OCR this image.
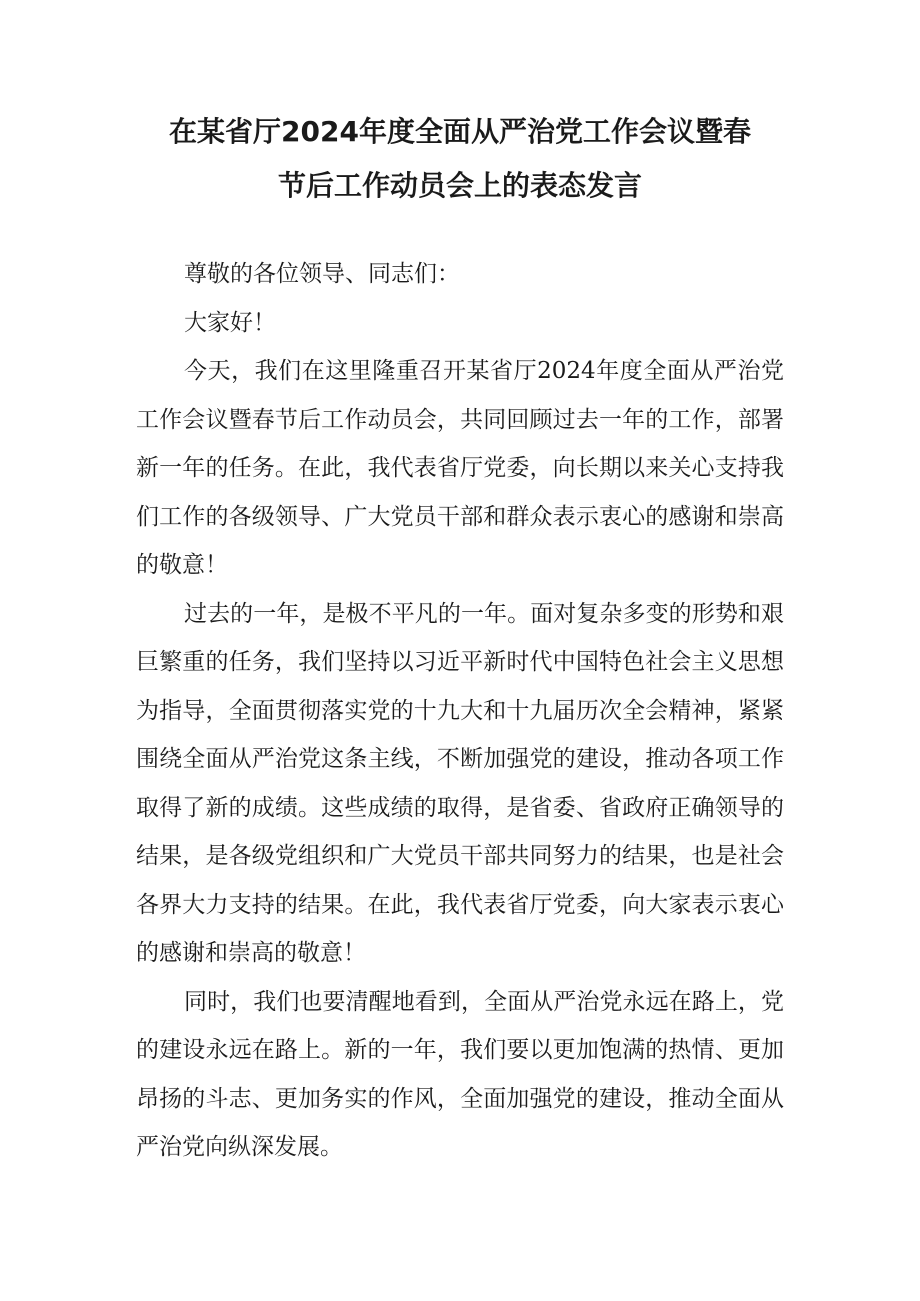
在某省厅2024年度全面从严治党工作会议暨春
节后工作动员会上的表态发言

尊敬的各位领导、同志们：

大家好！

今天，我们在这里隆重召开某省厅2024年度全面从严治党工作会议暨春节后工作动员会，共同回顾过去一年的工作，部署新一年的任务。在此，我代表省厅党委，向长期以来关心支持我们工作的各级领导、广大党员干部和群众表示衷心的感谢和崇高的敬意！

过去的一年，是极不平凡的一年。面对复杂多变的形势和艰巨繁重的任务，我们坚持以习近平新时代中国特色社会主义思想为指导，全面贯彻落实党的十九大和十九届历次全会精神，紧紧围绕全面从严治党这条主线，不断加强党的建设，推动各项工作取得了新的成绩。这些成绩的取得，是省委、省政府正确领导的结果，是各级党组织和广大党员干部共同努力的结果，也是社会各界大力支持的结果。在此，我代表省厅党委，向大家表示衷心的感谢和崇高的敬意！

同时，我们也要清醒地看到，全面从严治党永远在路上，党的建设永远在路上。新的一年，我们要以更加饱满的热情、更加昂扬的斗志、更加务实的作风，全面加强党的建设，推动全面从严治党向纵深发展。
